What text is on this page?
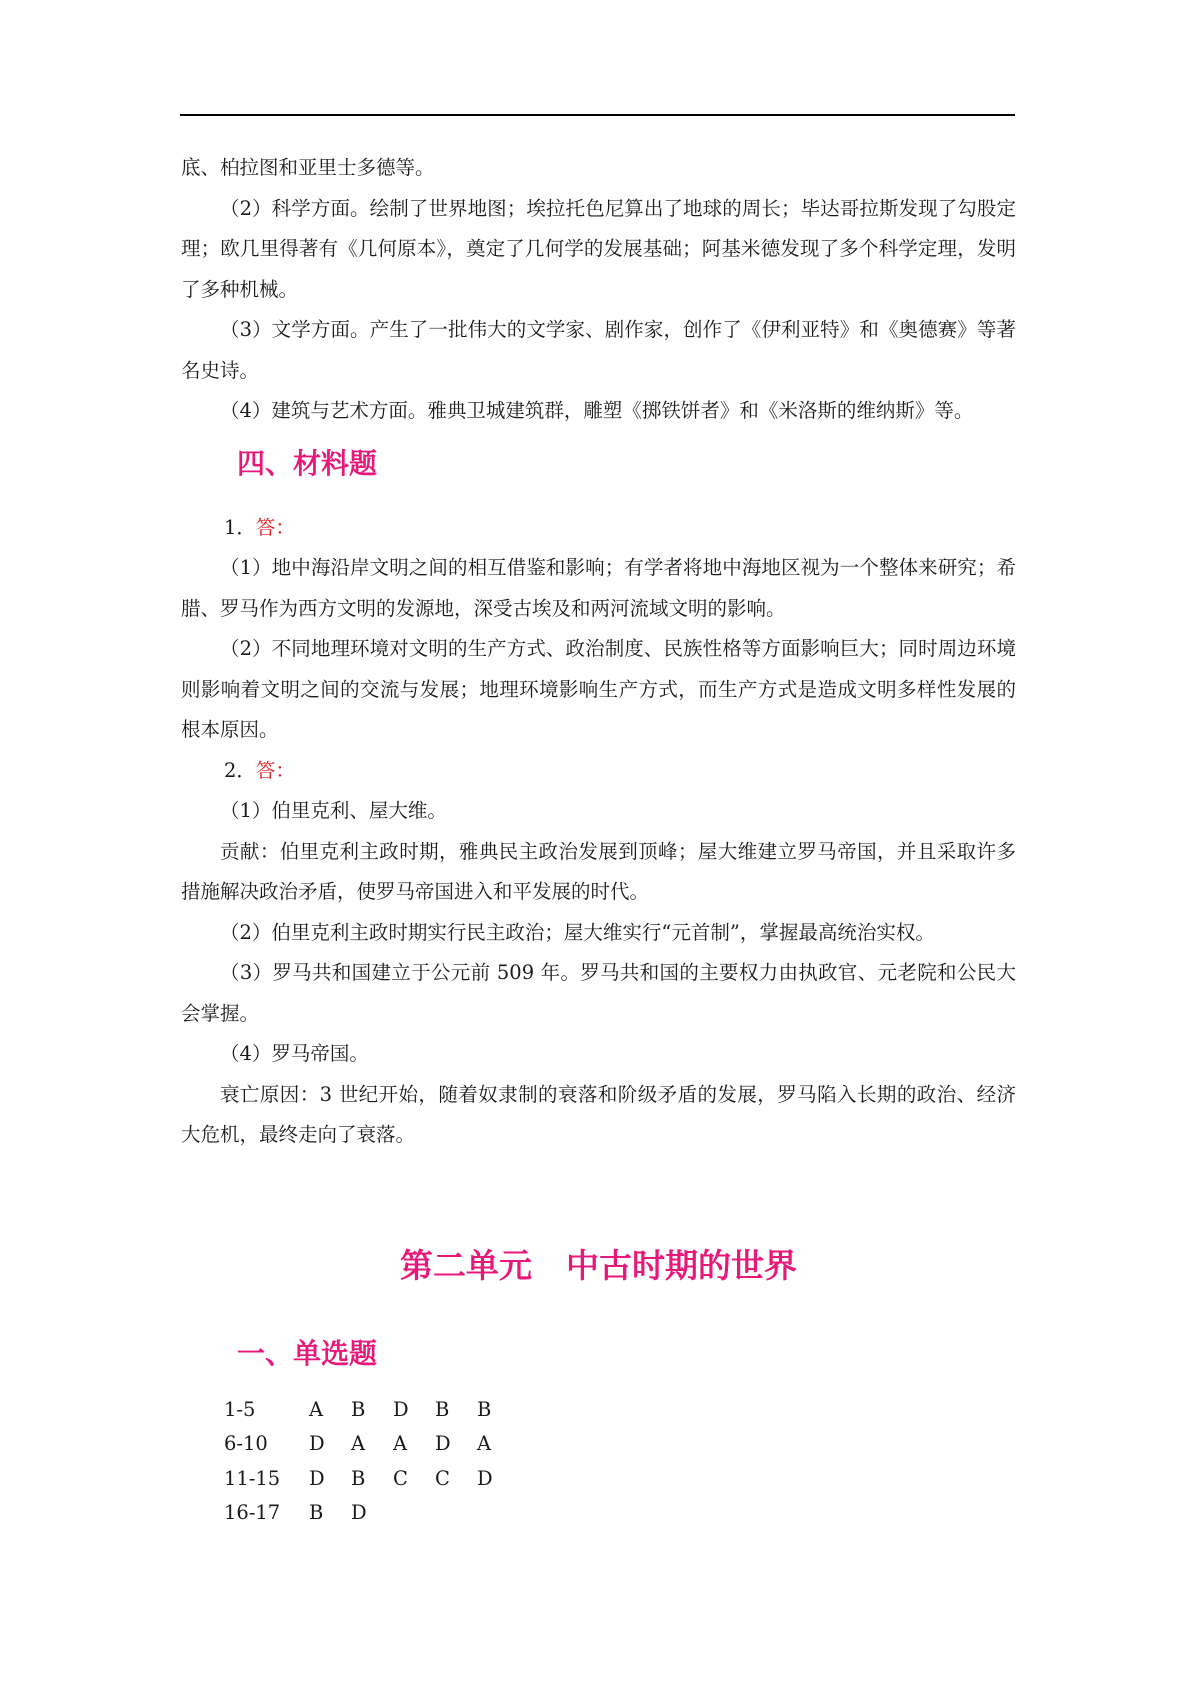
底、柏拉图和亚里士多德等。

（2）科学方面。绘制了世界地图；埃拉托色尼算出了地球的周长；毕达哥拉斯发现了勾股定理；欧几里得著有《几何原本》，奠定了几何学的发展基础；阿基米德发现了多个科学定理，发明了多种机械。

（3）文学方面。产生了一批伟大的文学家、剧作家，创作了《伊利亚特》和《奥德赛》等著名史诗。

（4）建筑与艺术方面。雅典卫城建筑群，雕塑《掷铁饼者》和《米洛斯的维纳斯》等。

四、材料题

1．答：

（1）地中海沿岸文明之间的相互借鉴和影响；有学者将地中海地区视为一个整体来研究；希腊、罗马作为西方文明的发源地，深受古埃及和两河流域文明的影响。

（2）不同地理环境对文明的生产方式、政治制度、民族性格等方面影响巨大；同时周边环境则影响着文明之间的交流与发展；地理环境影响生产方式，而生产方式是造成文明多样性发展的根本原因。

2．答：

（1）伯里克利、屋大维。

贡献：伯里克利主政时期，雅典民主政治发展到顶峰；屋大维建立罗马帝国，并且采取许多措施解决政治矛盾，使罗马帝国进入和平发展的时代。

（2）伯里克利主政时期实行民主政治；屋大维实行“元首制”，掌握最高统治实权。

（3）罗马共和国建立于公元前 509 年。罗马共和国的主要权力由执政官、元老院和公民大会掌握。

（4）罗马帝国。

衰亡原因：3 世纪开始，随着奴隶制的衰落和阶级矛盾的发展，罗马陷入长期的政治、经济大危机，最终走向了衰落。

第二单元 中古时期的世界
一、单选题
1-5	A	B	D	B	B
6-10	D	A	A	D	A
11-15	D	B	C	C	D
16-17	B	D
